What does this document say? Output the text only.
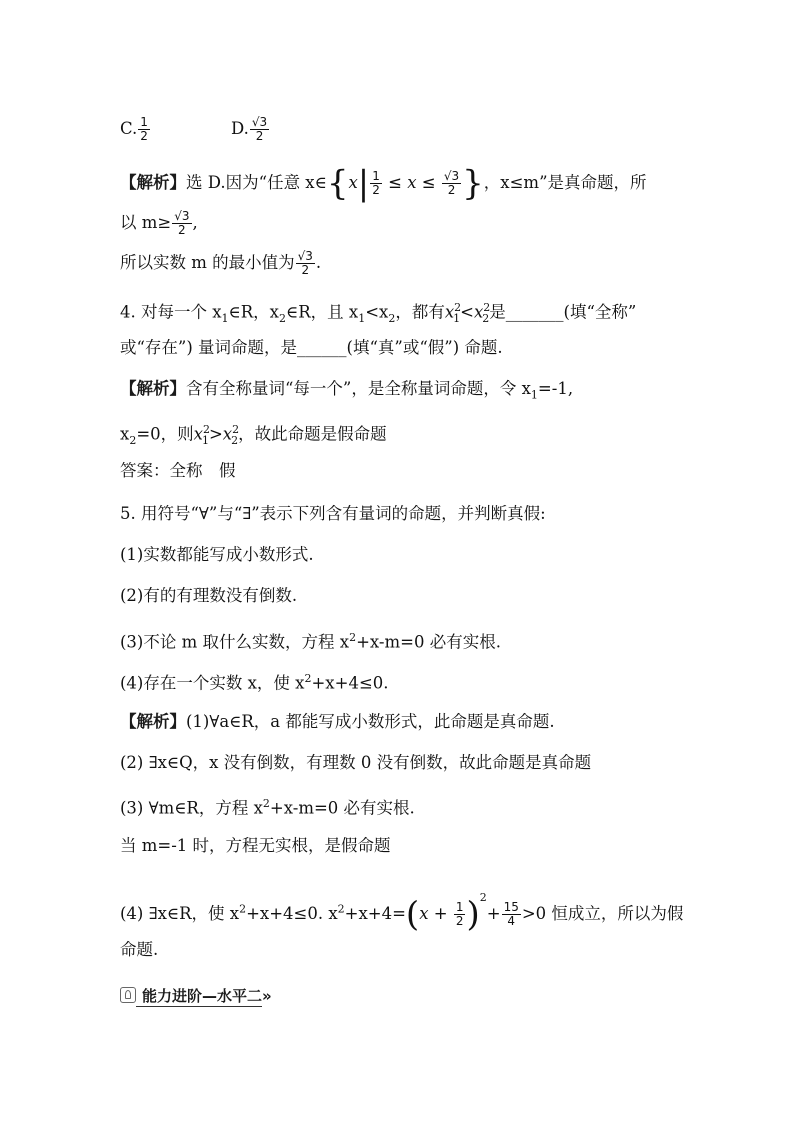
C. $\frac{1}{2}$	D. $\frac{√3}{2}$
【解析】选 D.因为“任意 x∈{x| $\frac{1}{2} \le x \le \frac{√3}{2}$ }，x≤m”是真命题，所
以 $m\ge \frac{√3}{2}$ ,
所以实数 m 的最小值为 $\frac{√3}{2}$ .
4. 对每一个 $x_1\in R$，$x_2\in R$，且 $x_1<x_2$，都有$x^2_1<x^2_2$是_______(填“全称”
或“存在”) 量词命题，是______(填“真”或“假”) 命题.
【解析】含有全称量词“每一个”，是全称量词命题，令 $x_1=-1$,
$x_2=0$，则$x^2_1>x^2_2$，故此命题是假命题
答案：全称　假
5. 用符号“∀”与“∃”表示下列含有量词的命题，并判断真假:
(1)实数都能写成小数形式.
(2)有的有理数没有倒数.
(3)不论 m 取什么实数，方程 $x^2+x-m=0$ 必有实根.
(4)存在一个实数 x，使 $x^2+x+4\le 0$.
【解析】(1)∀a∈R，a 都能写成小数形式，此命题是真命题.
(2) ∃x∈Q，x 没有倒数，有理数 0 没有倒数，故此命题是真命题
(3) ∀m∈R，方程 $x^2+x-m=0$ 必有实根.
当 m=-1 时，方程无实根，是假命题
(4) ∃x∈R，使 $x^2+x+4\le 0$. $x^2+x+4=(x + \frac{1}{2} )^2+ \frac{15}{4} >0$ 恒成立，所以为假
命题.
能力进阶—水平二»
